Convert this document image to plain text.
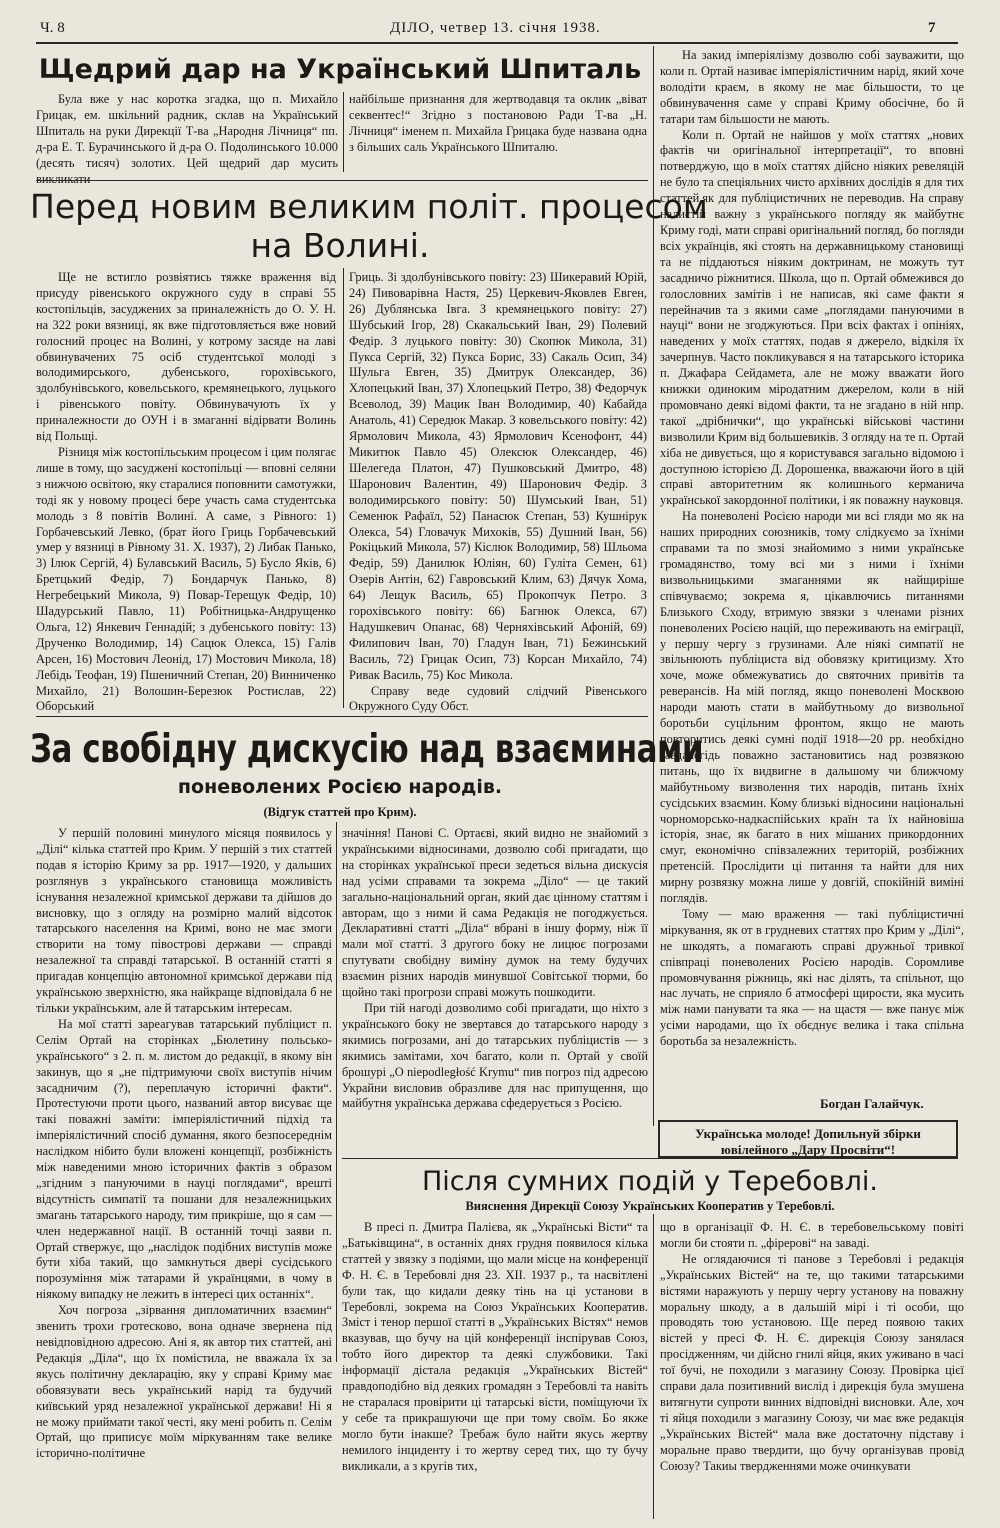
Ч. 8	ДІЛО, четвер 13. січня 1938.	7
Щедрий дар на Український Шпиталь

Була вже у нас коротка згадка, що п. Михайло Грицак, ем. шкільний радник, склав на Український Шпиталь на руки Дирекції Т-ва „Народня Лічниця“ пп. д-ра Е. Т. Бурачинського й д-ра О. Подолинського 10.000 (десять тисяч) золотих. Цей щедрий дар мусить викликати

найбільше признання для жертводавця та оклик „віват секвентес!“ Згідно з постановою Ради Т-ва „Н. Лічниця“ іменем п. Михайла Грицака буде названа одна з більших саль Українського Шпиталю.

Перед новим великим політ. процесом
на Волині.

Ще не встигло розвіятись тяжке враження від присуду рівенського окружного суду в справі 55 костопільців, засуджених за приналежність до О. У. Н. на 322 роки вязниці, як вже підготовляється вже новий голосний процес на Волині, у котрому засяде на лаві обвинувачених 75 осіб студентської молоді з володимирського, дубенського, горохівського, здолбунівського, ковельського, кремянецького, луцького і рівенського повіту. Обвинувачують їх у приналежности до ОУН і в змаганні відірвати Волинь від Польщі.

Різниця між костопільським процесом і цим полягає лише в тому, що засуджені костопільці — вповні селяни з нижчою освітою, яку старалися поповнити самотужки, тоді як у новому процесі бере участь сама студентська молодь з 8 повітів Волині. А саме, з Рівного: 1) Горбачевський Левко, (брат його Гриць Горбачевський умер у вязниці в Рівному 31. X. 1937), 2) Либак Панько, 3) Ілюк Сергій, 4) Булавський Василь, 5) Бусло Яків, 6) Бретцький Федір, 7) Бондарчук Панько, 8) Негребецький Микола, 9) Повар-Терещук Федір, 10) Шадурський Павло, 11) Робітницька-Андрущенко Ольга, 12) Янкевич Геннадій; з дубенського повіту: 13) Друченко Володимир, 14) Сацюк Олекса, 15) Галів Арсен, 16) Мостович Леонід, 17) Мостович Микола, 18) Лебідь Теофан, 19) Пшеничний Степан, 20) Винниченко Михайло, 21) Волошин-Березюк Ростислав, 22) Оборський

Гриць. Зі здолбунівського повіту: 23) Шикеравий Юрій, 24) Пивоварівна Настя, 25) Церкевич-Яковлев Евген, 26) Дублянська Івга. З кремянецького повіту: 27) Шубський Ігор, 28) Скакальський Іван, 29) Полевий Федір. З луцького повіту: 30) Скопюк Микола, 31) Пукса Сергій, 32) Пукса Борис, 33) Сакаль Осип, 34) Шульга Евген, 35) Дмитрук Олександер, 36) Хлопецький Іван, 37) Хлопецький Петро, 38) Федорчук Всеволод, 39) Мацик Іван Володимир, 40) Кабайда Анатоль, 41) Середюк Макар. З ковельського повіту: 42) Ярмолович Микола, 43) Ярмолович Ксенофонт, 44) Микитюк Павло 45) Олексюк Олександер, 46) Шелегеда Платон, 47) Пушковський Дмитро, 48) Шаронович Валентин, 49) Шаронович Федір. З володимирського повіту: 50) Шумський Іван, 51) Семенюк Рафаїл, 52) Панасюк Степан, 53) Кушнірук Олекса, 54) Гловачук Михоків, 55) Душний Іван, 56) Рокіцький Микола, 57) Кіслюк Володимир, 58) Шльома Федір, 59) Данилюк Юліян, 60) Гуліта Семен, 61) Озерів Антін, 62) Гавровський Клим, 63) Дячук Хома, 64) Лещук Василь, 65) Прокопчук Петро. З горохівського повіту: 66) Багнюк Олекса, 67) Надушкевич Опанас, 68) Черняхівський Афоній, 69) Филипович Іван, 70) Гладун Іван, 71) Бежинський Василь, 72) Грицак Осип, 73) Корсан Михайло, 74) Ривак Василь, 75) Кос Микола.

Справу веде судовий слідчий Рівенського Окружного Суду Обст.

За свобідну дискусію над взаєминами
поневолених Росією народів.
(Відгук статтей про Крим).

У першій половині минулого місяця появилось у „Ділі“ кілька статтей про Крим. У першій з тих статтей подав я історію Криму за рр. 1917—1920, у дальших розглянув з українського становища можливість існування незалежної кримської держави та дійшов до висновку, що з огляду на розмірно малий відсоток татарського населення на Кримі, воно не має змоги створити на тому півострові держави — справді незалежної та справді татарської. В останній статті я пригадав концепцію автономної кримської держави під українською зверхністю, яка найкраще відповідала б не тільки українським, але й татарським інтересам.

На мої статті зареагував татарський публіцист п. Селім Ортай на сторінках „Бюлетину польсько-українського“ з 2. п. м. листом до редакції, в якому він закинув, що я „не підтримуючи своїх виступів нічим засадничим (?), переплачую історичні факти“. Протестуючи проти цього, названий автор висуває ще такі поважні заміти: імперіялістичний підхід та імперіялістичний спосіб думання, якого безпосереднім наслідком нібито були вложені концепції, розбіжність між наведеними мною історичних фактів з образом „згідним з пануючими в науці поглядами“, врешті відсутність симпатії та пошани для незалежницьких змагань татарського народу, тим прикріше, що я сам — член недержавної нації. В останній точці заяви п. Ортай ствержує, що „наслідок подібних виступів може бути хіба такий, що замкнуться двері сусідського порозуміння між татарами й українцями, в чому в ніякому випадку не лежить в інтересі цих останніх“.

Хоч погроза „зірвання дипломатичних взаємин“ звенить трохи гротесково, вона одначе звернена під невідповідною адресою. Ані я, як автор тих статтей, ані Редакція „Діла“, що їх помістила, не вважала їх за якусь політичну декларацію, яку у справі Криму має обовязувати весь український нарід та будучий київський уряд незалежної української держави! Ні я не можу приймати такої честі, яку мені робить п. Селім Ортай, що приписує моїм міркуванням таке велике історично-політичне

значіння! Панові С. Ортаєві, який видно не знайомий з українськими відносинами, дозволю собі пригадати, що на сторінках української преси зедеться вільна дискусія над усіми справами та зокрема „Діло“ — це такий загально-національний орган, який дає цінному статтям і авторам, що з ними й сама Редакція не погоджується. Декларативні статті „Діла“ вбрані в іншу форму, ніж її мали мої статті. З другого боку не лицює погрозами спутувати свобідну виміну думок на тему будучих взаємин різних народів минувшої Совітської тюрми, бо щойно такі прогрози справі можуть пошкодити.

При тій нагоді дозволимо собі пригадати, що ніхто з українського боку не звертався до татарського народу з якимись погрозами, ані до татарських публіцистів — з якимись замітами, хоч багато, коли п. Ортай у своїй брошурі „O niepodległość Krymu“ пив погроз під адресою Украйни висловив образливе для нас припущення, що майбутня українська держава сфедерується з Росією.

На закид імперіялізму дозволю собі зауважити, що коли п. Ортай називає імперіялістичним нарід, який хоче володіти краєм, в якому не має більшости, то це обвинувачення саме у справі Криму обосічне, бо й татари там більшости не мають.

Коли п. Ортай не найшов у моїх статтях „нових фактів чи оригінальної інтерпретації“, то вповні потверджую, що в моїх статтях дійсно ніяких ревеляцій не було та спеціяльних чисто архівних дослідів я для тих статтей,як для публіцистичних не переводив. На справу налистій важну з українського погляду як майбутнє Криму годі, мати справі оригінальний погляд, бо погляди всіх українців, які стоять на державницькому становищі та не піддаються ніяким доктринам, не можуть тут засадничо ріжнитися. Школа, що п. Ортай обмежився до голословних замітів і не написав, які саме факти я перейначив та з якими саме „поглядами пануючими в науці“ вони не згоджуються. При всіх фактах і опініях, наведених у моїх статтях, подав я джерело, відкіля їх зачерпнув. Часто покликувався я на татарського історика п. Джафара Сейдамета, але не можу вважати його книжки одиноким міродатним джерелом, коли в ній промовчано деякі відомі факти, та не згадано в ній нпр. такої „дрібнички“, що українські військові частини визволили Крим від большевиків. З огляду на те п. Ортай хіба не дивується, що я користувався загально відомою і доступною історією Д. Дорошенка, вважаючи його в цій справі авторитетним як колишнього керманича української закордонної політики, і як поважну науковця.

На поневолені Росією народи ми всі гляди мо як на наших природних союзників, тому слідкуємо за їхніми справами та по змозі знайомимо з ними українське громадянство, тому всі ми з ними і їхніми визвольницькими змаганнями як найщиріше співчуваємо; зокрема я, цікавлючись питаннями Близького Сходу, втримую звязки з членами різних поневолених Росією націй, що переживають на еміграції, у першу чергу з грузинами. Але ніякі симпатії не звільнюють публіциста від обовязку критицизму. Хто хоче, може обмежуватись до святочних привітів та реверансів. На мій погляд, якщо поневолені Москвою народи мають стати в майбутньому до визвольної боротьби суцільним фронтом, якщо не мають повторитись деякі сумні події 1918—20 рр. необхідно завдалегідь поважно застановитись над розвязкою питань, що їх видвигне в дальшому чи ближчому майбутньому визволення тих народів, питань їхніх сусідських взаємин. Кому близькі відносини національні чорноморсько-надкаспійських країн та їх найновіша історія, знає, як багато в них мішаних прикордонних смуг, економічно співзалежних територій, розбіжних претенсій. Прослідити ці питання та найти для них мирну розвязку можна лише у довгій, спокійній виміні поглядів.

Тому — маю враження — такі публіцистичні міркування, як от в грудневих статтях про Крим у „Ділі“, не шкодять, а помагають справі дружньої тривкої співпраці поневолених Росією народів. Соромливе промовчування ріжниць, які нас ділять, та спільнот, що нас лучать, не сприяло б атмосфері щирости, яка мусить між нами панувати та яка — на щастя — вже панує між усіми народами, що їх обєднує велика і така спільна боротьба за незалежність.

Богдан Галайчук.
Українська молоде! Допильнуй збірки ювілейного „Дару Просвіти“!
Після сумних подій у Теребовлі.
Вияснення Дирекції Союзу Українських Кооператив у Теребовлі.

В пресі п. Дмитра Палієва, як „Українські Вісти“ та „Батьківщина“, в останніх днях грудня появилося кілька статтей у звязку з подіями, що мали місце на конференції Ф. Н. Є. в Теребовлі дня 23. XII. 1937 р., та насвітлені були так, що кидали деяку тінь на ці установи в Теребовлі, зокрема на Союз Українських Кооператив. Зміст і тенор першої статті в „Українських Вістях“ немов вказував, що бучу на цій конференції інспірував Союз, тобто його директор та деякі службовики. Такі інформації дістала редакція „Українських Вістей“ правдоподібно від деяких громадян з Теребовлі та навіть не старалася провірити ці татарські вісти, поміщуючи їх у себе та прикрашуючи ще при тому своїм. Бо якже могло бути інакше? Требаж було найти якусь жертву немилого інциденту і то жертву серед тих, що ту бучу викликали, а з кругів тих,

що в організації Ф. Н. Є. в теребовельському повіті могли би стояти п. „фірерові“ на заваді.

Не оглядаючися ті панове з Теребовлі і редакція „Українських Вістей“ на те, що такими татарськими вістями наражують у першу чергу установу на поважну моральну шкоду, а в дальшій мірі і ті особи, що проводять тою установою. Ще перед появою таких вістей у пресі Ф. Н. Є. дирекція Союзу занялася просідженням, чи дійсно гнилі яйця, яких уживано в часі тої бучі, не походили з магазину Союзу. Провірка цієї справи дала позитивний вислід і дирекція була змушена витягнути супроти винних відповідні висновки. Але, хоч ті яйця походили з магазину Союзу, чи має вже редакція „Українських Вістей“ мала вже достаточну підставу і моральне право твердити, що бучу організував провід Союзу? Такиы твердженнями може очинкувати
